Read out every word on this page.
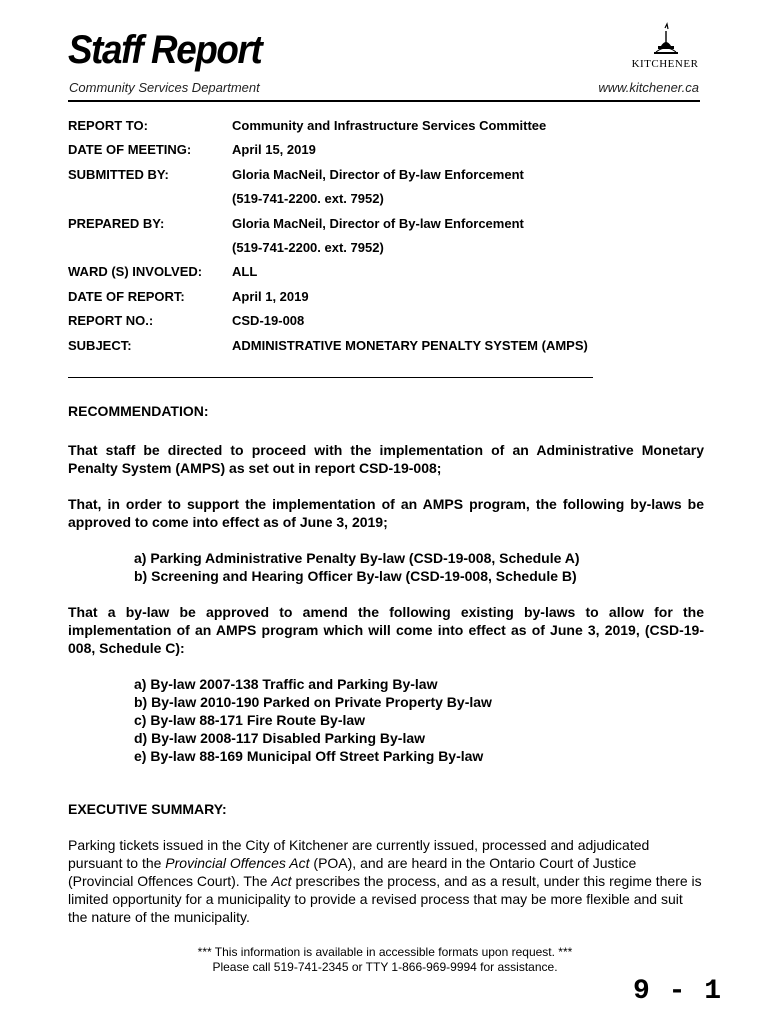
Staff Report
Community Services Department	www.kitchener.ca
KITCHENER
REPORT TO:	Community and Infrastructure Services Committee
DATE OF MEETING:	April 15, 2019
SUBMITTED BY:	Gloria MacNeil, Director of By-law Enforcement
(519-741-2200. ext. 7952)
PREPARED BY:	Gloria MacNeil, Director of By-law Enforcement
(519-741-2200. ext. 7952)
WARD (S) INVOLVED:	ALL
DATE OF REPORT:	April 1, 2019
REPORT NO.:	CSD-19-008
SUBJECT:	ADMINISTRATIVE MONETARY PENALTY SYSTEM (AMPS)

RECOMMENDATION:

That staff be directed to proceed with the implementation of an Administrative Monetary Penalty System (AMPS) as set out in report CSD-19-008;

That, in order to support the implementation of an AMPS program, the following by-laws be approved to come into effect as of June 3, 2019;

a) Parking Administrative Penalty By-law (CSD-19-008, Schedule A)
b) Screening and Hearing Officer By-law (CSD-19-008, Schedule B)

That a by-law be approved to amend the following existing by-laws to allow for the implementation of an AMPS program which will come into effect as of June 3, 2019, (CSD-19-008, Schedule C):

a) By-law 2007-138 Traffic and Parking By-law
b) By-law 2010-190 Parked on Private Property By-law
c) By-law 88-171 Fire Route By-law
d) By-law 2008-117 Disabled Parking By-law
e) By-law 88-169 Municipal Off Street Parking By-law

EXECUTIVE SUMMARY:

Parking tickets issued in the City of Kitchener are currently issued, processed and adjudicated pursuant to the Provincial Offences Act (POA), and are heard in the Ontario Court of Justice (Provincial Offences Court). The Act prescribes the process, and as a result, under this regime there is limited opportunity for a municipality to provide a revised process that may be more flexible and suit the nature of the municipality.

*** This information is available in accessible formats upon request. ***
Please call 519-741-2345 or TTY 1-866-969-9994 for assistance.
9 - 1
